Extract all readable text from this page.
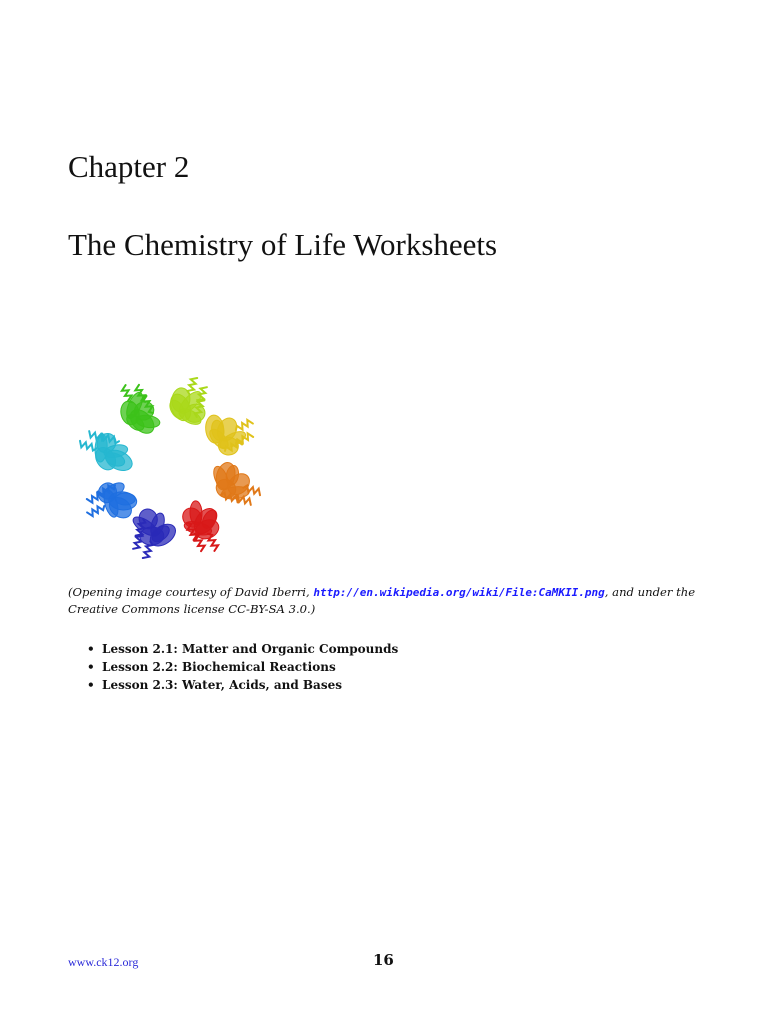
Chapter 2
The Chemistry of Life Worksheets

(Opening image courtesy of David Iberri, http://en.wikipedia.org/wiki/File:CaMKII.png, and under the Creative Commons license CC-BY-SA 3.0.)

• Lesson 2.1: Matter and Organic Compounds
• Lesson 2.2: Biochemical Reactions
• Lesson 2.3: Water, Acids, and Bases
www.ck12.org	16
